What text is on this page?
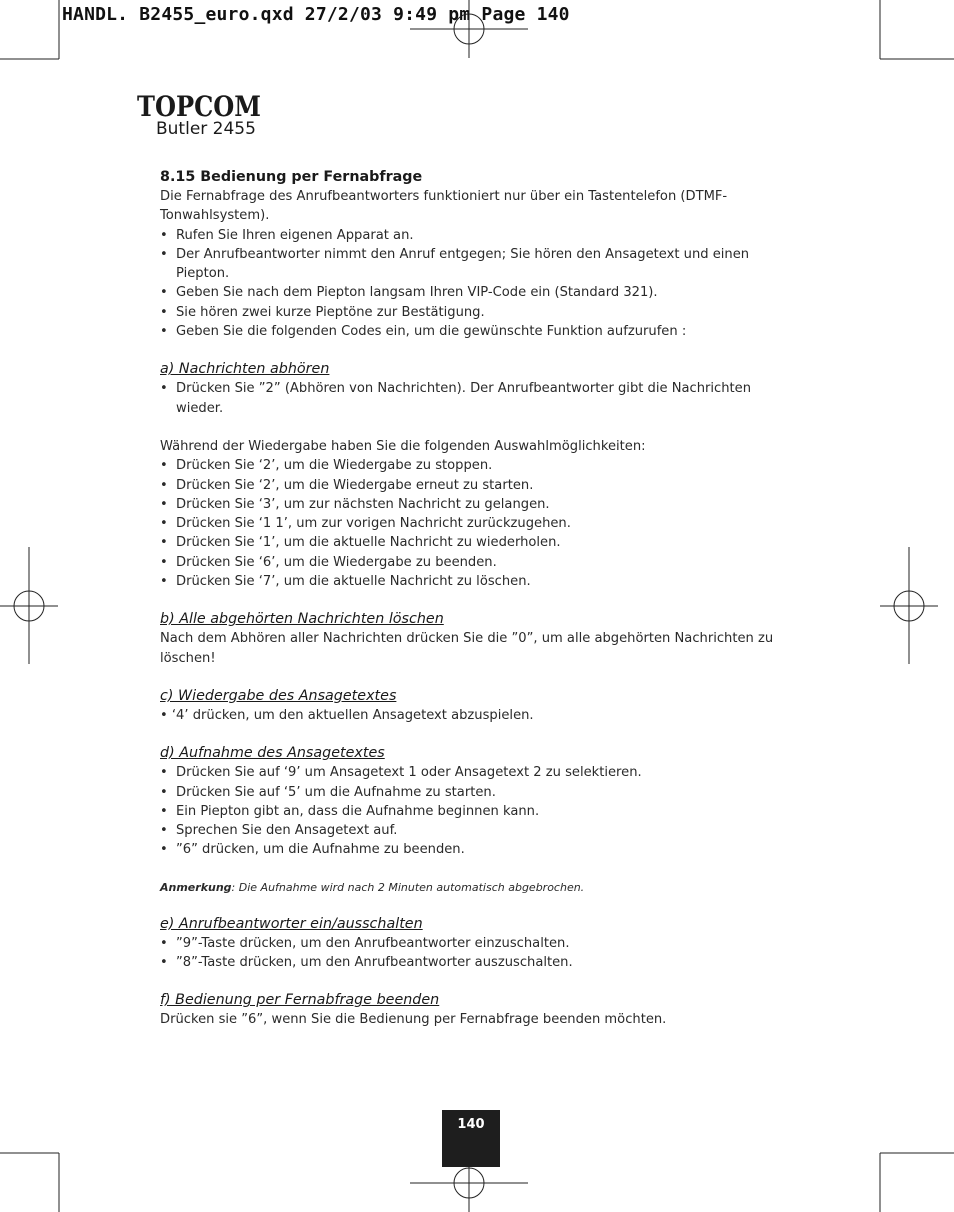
HANDL. B2455_euro.qxd 27/2/03 9:49 pm Page 140
TOPCOM
Butler 2455
8.15 Bedienung per Fernabfrage

Die Fernabfrage des Anrufbeantworters funktioniert nur über ein Tastentelefon (DTMF-Tonwahlsystem).

• Rufen Sie Ihren eigenen Apparat an.
• Der Anrufbeantworter nimmt den Anruf entgegen; Sie hören den Ansagetext und einen Piepton.
• Geben Sie nach dem Piepton langsam Ihren VIP-Code ein (Standard 321).
• Sie hören zwei kurze Pieptöne zur Bestätigung.
• Geben Sie die folgenden Codes ein, um die gewünschte Funktion aufzurufen :
a) Nachrichten abhören
• Drücken Sie ”2” (Abhören von Nachrichten). Der Anrufbeantworter gibt die Nachrichten wieder.

Während der Wiedergabe haben Sie die folgenden Auswahlmöglichkeiten:

• Drücken Sie ‘2’, um die Wiedergabe zu stoppen.
• Drücken Sie ‘2’, um die Wiedergabe erneut zu starten.
• Drücken Sie ‘3’, um zur nächsten Nachricht zu gelangen.
• Drücken Sie ‘1 1’, um zur vorigen Nachricht zurückzugehen.
• Drücken Sie ‘1’, um die aktuelle Nachricht zu wiederholen.
• Drücken Sie ‘6’, um die Wiedergabe zu beenden.
• Drücken Sie ‘7’, um die aktuelle Nachricht zu löschen.
b) Alle abgehörten Nachrichten löschen

Nach dem Abhören aller Nachrichten drücken Sie die ”0”, um alle abgehörten Nachrichten zu löschen!

c) Wiedergabe des Ansagetextes

• ‘4’ drücken, um den aktuellen Ansagetext abzuspielen.

d) Aufnahme des Ansagetextes
• Drücken Sie auf ‘9’ um Ansagetext 1 oder Ansagetext 2 zu selektieren.
• Drücken Sie auf ‘5’ um die Aufnahme zu starten.
• Ein Piepton gibt an, dass die Aufnahme beginnen kann.
• Sprechen Sie den Ansagetext auf.
• ”6” drücken, um die Aufnahme zu beenden.

Anmerkung: Die Aufnahme wird nach 2 Minuten automatisch abgebrochen.

e) Anrufbeantworter ein/ausschalten
• ”9”-Taste drücken, um den Anrufbeantworter einzuschalten.
• ”8”-Taste drücken, um den Anrufbeantworter auszuschalten.
f) Bedienung per Fernabfrage beenden

Drücken sie ”6”, wenn Sie die Bedienung per Fernabfrage beenden möchten.

140
